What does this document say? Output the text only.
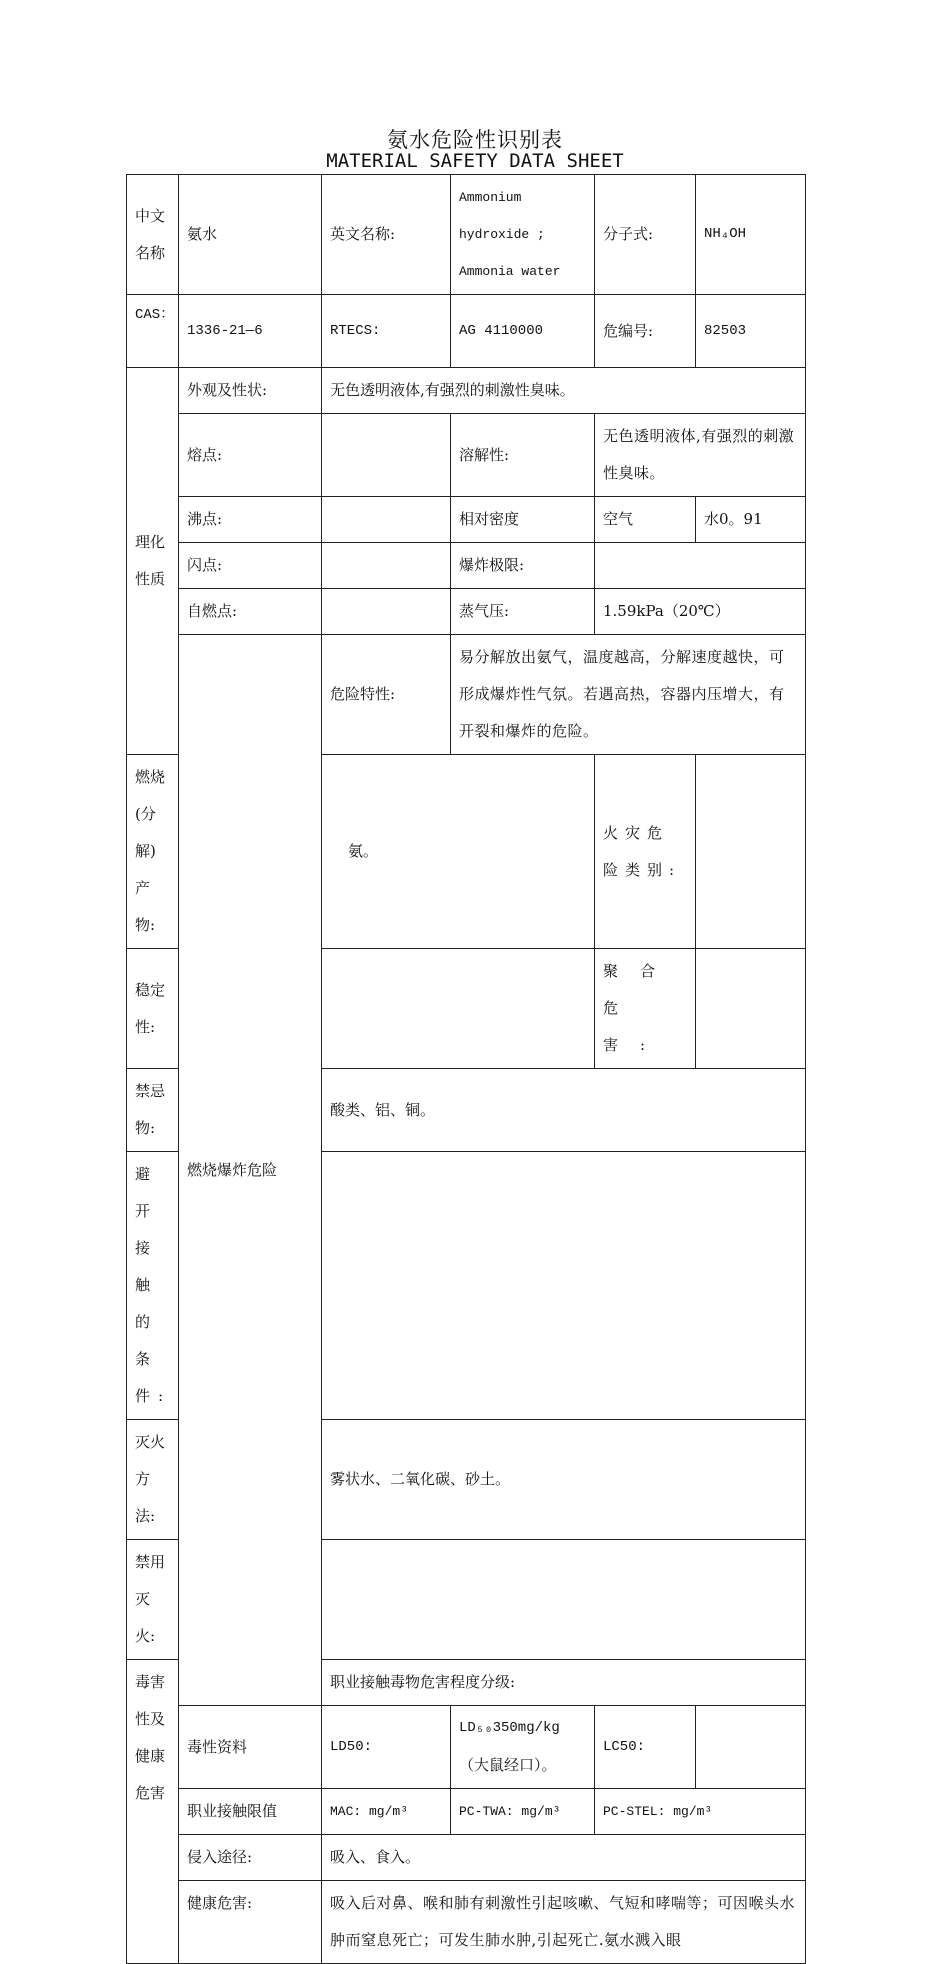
氨水危险性识别表
MATERIAL SAFETY DATA SHEET
中文名称	氨水	英文名称:	Ammonium
hydroxide ;
Ammonia water	分子式:	NH₄OH
CAS：	1336-21—6	RTECS:	AG 4110000	危编号:	82503
理化性质	外观及性状:	无色透明液体,有强烈的刺激性臭味。			
	熔点:		溶解性:	无色透明液体,有强烈的刺激性臭味。	
	沸点:		相对密度	空气	水0。91
	闪点:		爆炸极限:		
	自燃点:		蒸气压:	1.59kPa（20℃）	
	燃烧爆炸危险	危险特性:	易分解放出氨气，温度越高，分解速度越快，可形成爆炸性气氛。若遇高热，容器内压增大，有开裂和爆炸的危险。		
燃烧(分解)产物:		氨。		火灾危险类别:	
稳定性:				聚合危害:	
禁忌物:		酸类、铝、铜。			
避开接触的条件:					
灭火方法:		雾状水、二氧化碳、砂土。			
禁用灭火:					
毒害性及健康危害		职业接触毒物危害程度分级:			
	毒性资料	LD50:	LD₅₀350mg/kg
（大鼠经口）。	LC50:	
	职业接触限值	MAC: mg/m³	PC-TWA: mg/m³	PC-STEL: mg/m³	
	侵入途径:	吸入、食入。			
	健康危害:	吸入后对鼻、喉和肺有刺激性引起咳嗽、气短和哮喘等；可因喉头水肿而窒息死亡；可发生肺水肿,引起死亡.氨水溅入眼			
